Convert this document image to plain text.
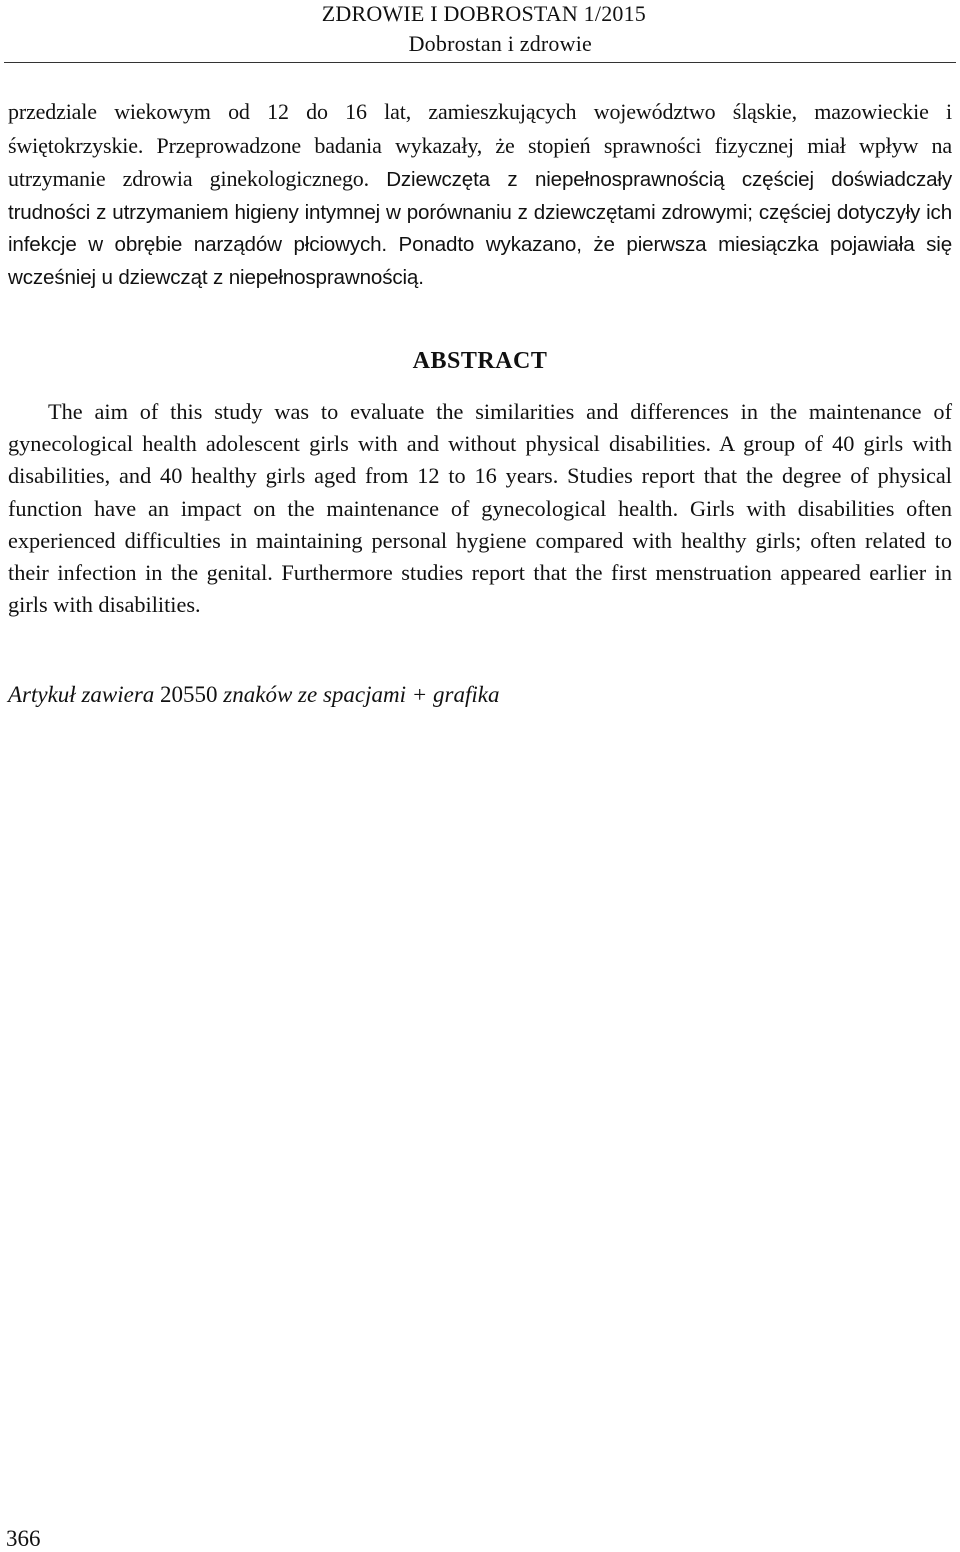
ZDROWIE I DOBROSTAN 1/2015
Dobrostan i zdrowie

przedziale wiekowym od 12 do 16 lat, zamieszkujących województwo śląskie, mazowieckie i świętokrzyskie. Przeprowadzone badania wykazały, że stopień sprawności fizycznej miał wpływ na utrzymanie zdrowia ginekologicznego. Dziewczęta z niepełnosprawnością częściej doświadczały trudności z utrzymaniem higieny intymnej w porównaniu z dziewczętami zdrowymi; częściej dotyczyły ich infekcje w obrębie narządów płciowych. Ponadto wykazano, że pierwsza miesiączka pojawiała się wcześniej u dziewcząt z niepełnosprawnością.

ABSTRACT

The aim of this study was to evaluate the similarities and differences in the maintenance of gynecological health adolescent girls with and without physical disabilities. A group of 40 girls with disabilities, and 40 healthy girls aged from 12 to 16 years. Studies report that the degree of physical function have an impact on the maintenance of gynecological health. Girls with disabilities often experienced difficulties in maintaining personal hygiene compared with healthy girls; often related to their infection in the genital. Furthermore studies report that the first menstruation appeared earlier in girls with disabilities.

Artykuł zawiera 20550 znaków ze spacjami + grafika
366
